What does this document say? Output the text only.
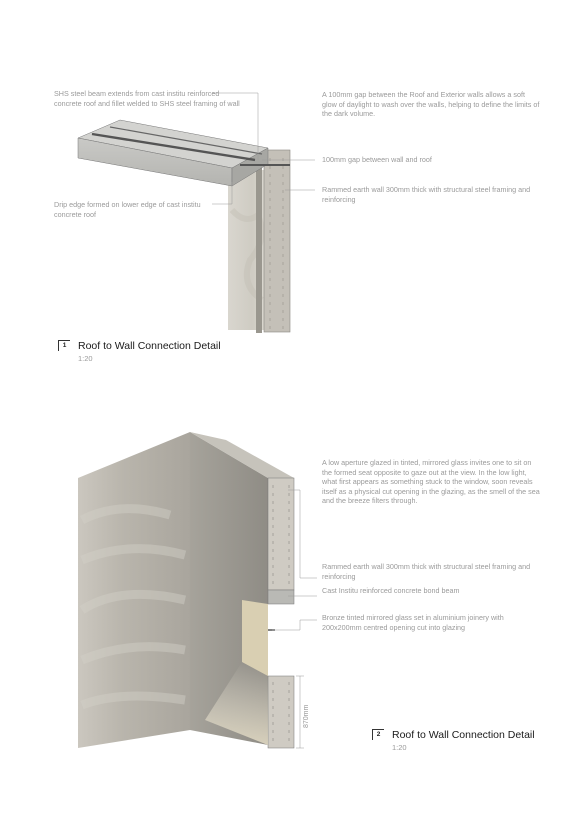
SHS steel beam extends from cast institu reinforced concrete roof and fillet welded to SHS steel framing of wall
A 100mm gap between the Roof and Exterior walls allows a soft glow of daylight to wash over the walls, helping to define the limits of the dark volume.
100mm gap between wall and roof
Rammed earth wall 300mm thick with structural steel framing and reinforcing
Drip edge formed on lower edge of cast institu concrete roof
1	Roof to Wall Connection Detail
1:20
A low aperture glazed in tinted, mirrored glass invites one to sit on the formed seat opposite to gaze out at the view. In the low light, what first appears as something stuck to the window, soon reveals itself as a physical cut opening in the glazing, as the smell of the sea and the breeze filters through.
Rammed earth wall 300mm thick with structural steel framing and reinforcing
Cast Institu reinforced concrete bond beam
Bronze tinted mirrored glass set in aluminium joinery with 200x200mm centred opening cut into glazing
870mm
2	Roof to Wall Connection Detail
1:20
